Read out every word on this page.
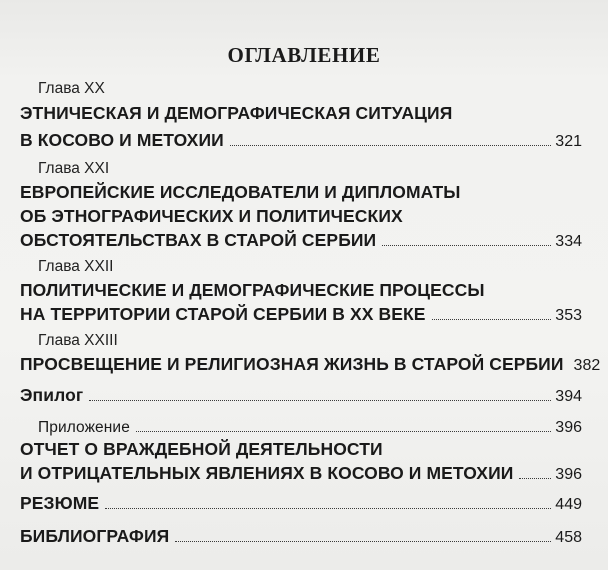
ОГЛАВЛЕНИЕ
Глава XX
ЭТНИЧЕСКАЯ И ДЕМОГРАФИЧЕСКАЯ СИТУАЦИЯ
В КОСОВО И МЕТОХИИ	321
Глава XXI
ЕВРОПЕЙСКИЕ ИССЛЕДОВАТЕЛИ И ДИПЛОМАТЫ
ОБ ЭТНОГРАФИЧЕСКИХ И ПОЛИТИЧЕСКИХ
ОБСТОЯТЕЛЬСТВАХ В СТАРОЙ СЕРБИИ	334
Глава XXII
ПОЛИТИЧЕСКИЕ И ДЕМОГРАФИЧЕСКИЕ ПРОЦЕССЫ
НА ТЕРРИТОРИИ СТАРОЙ СЕРБИИ В XX ВЕКЕ	353
Глава XXIII
ПРОСВЕЩЕНИЕ И РЕЛИГИОЗНАЯ ЖИЗНЬ В СТАРОЙ СЕРБИИ 382
Эпилог	394
Приложение	396
ОТЧЕТ О ВРАЖДЕБНОЙ ДЕЯТЕЛЬНОСТИ
И ОТРИЦАТЕЛЬНЫХ ЯВЛЕНИЯХ В КОСОВО И МЕТОХИИ	396
РЕЗЮМЕ	449
БИБЛИОГРАФИЯ	458
